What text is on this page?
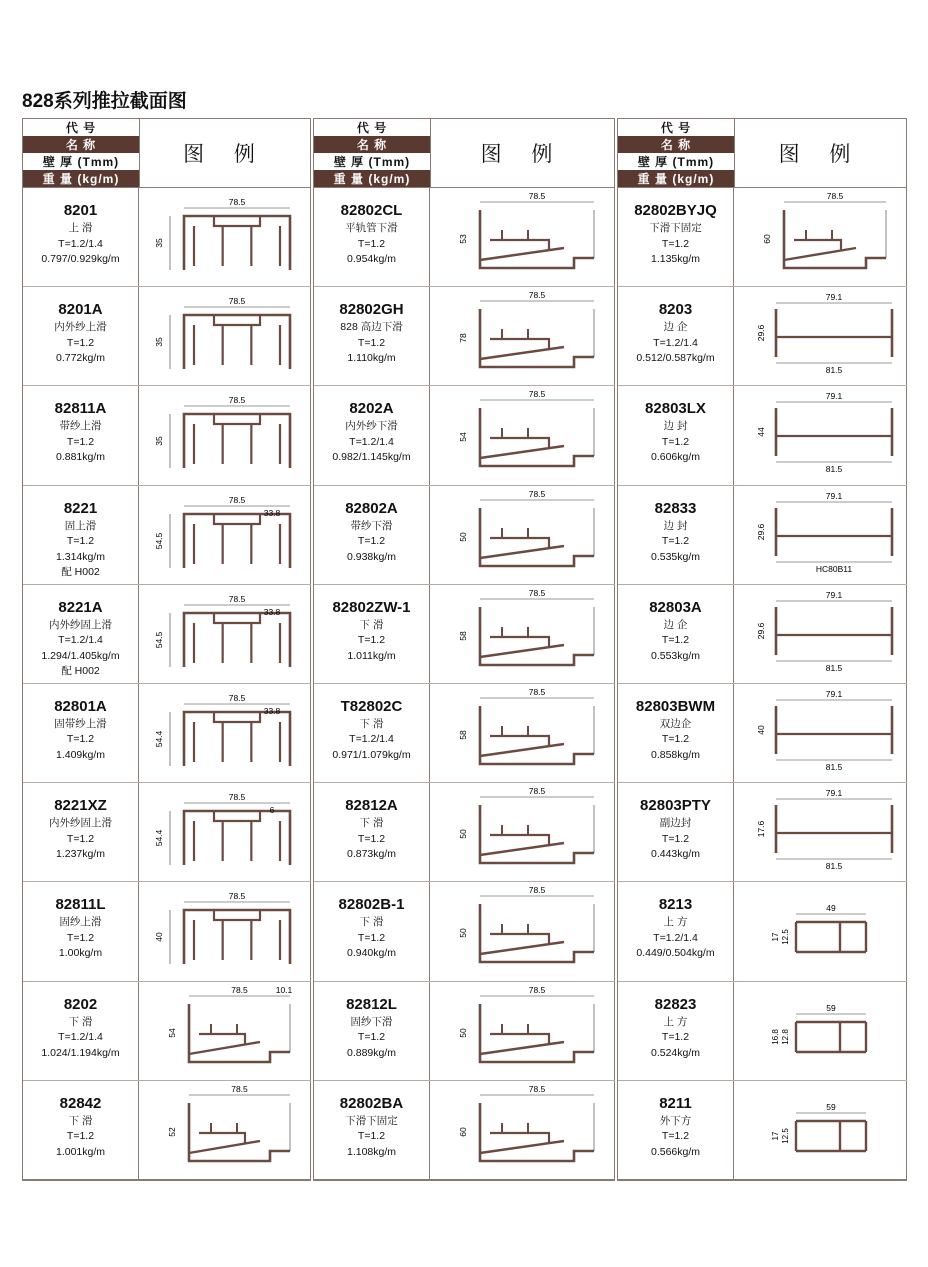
828系列推拉截面图
代 号
名 称
壁 厚 (Tmm)
重 量 (kg/m)
图 例
8201
上 滑
T=1.2/1.4
0.797/0.929kg/m
78.5
35
8201A
内外纱上滑
T=1.2
0.772kg/m
78.5
35
82811A
带纱上滑
T=1.2
0.881kg/m
78.5
35
8221
固上滑
T=1.2
1.314kg/m
配 H002
78.5
54.5
33.8
8221A
内外纱固上滑
T=1.2/1.4
1.294/1.405kg/m
配 H002
78.5
54.5
33.8
82801A
固带纱上滑
T=1.2
1.409kg/m
78.5
54.4
33.8
8221XZ
内外纱固上滑
T=1.2
1.237kg/m
78.5
54.4
6
82811L
固纱上滑
T=1.2
1.00kg/m
78.5
40
8202
下 滑
T=1.2/1.4
1.024/1.194kg/m
78.5
54
10.1
82842
下 滑
T=1.2
1.001kg/m
78.5
52
代 号
名 称
壁 厚 (Tmm)
重 量 (kg/m)
图 例
82802CL
平轨管下滑
T=1.2
0.954kg/m
78.5
53
82802GH
828 高边下滑
T=1.2
1.110kg/m
78.5
78
8202A
内外纱下滑
T=1.2/1.4
0.982/1.145kg/m
78.5
54
82802A
带纱下滑
T=1.2
0.938kg/m
78.5
50
82802ZW-1
下 滑
T=1.2
1.011kg/m
78.5
58
T82802C
下 滑
T=1.2/1.4
0.971/1.079kg/m
78.5
58
82812A
下 滑
T=1.2
0.873kg/m
78.5
50
82802B-1
下 滑
T=1.2
0.940kg/m
78.5
50
82812L
固纱下滑
T=1.2
0.889kg/m
78.5
50
82802BA
下滑下固定
T=1.2
1.108kg/m
78.5
60
代 号
名 称
壁 厚 (Tmm)
重 量 (kg/m)
图 例
82802BYJQ
下滑下固定
T=1.2
1.135kg/m
78.5
60
8203
边 企
T=1.2/1.4
0.512/0.587kg/m
79.1
29.6
81.5
82803LX
边 封
T=1.2
0.606kg/m
79.1
44
81.5
82833
边 封
T=1.2
0.535kg/m
79.1
29.6
HC80B11
82803A
边 企
T=1.2
0.553kg/m
79.1
29.6
81.5
82803BWM
双边企
T=1.2
0.858kg/m
79.1
40
81.5
82803PTY
副边封
T=1.2
0.443kg/m
79.1
17.6
81.5
8213
上 方
T=1.2/1.4
0.449/0.504kg/m
49
17 12.5
82823
上 方
T=1.2
0.524kg/m
59
16.8 12.8
8211
外下方
T=1.2
0.566kg/m
59
17 12.5
